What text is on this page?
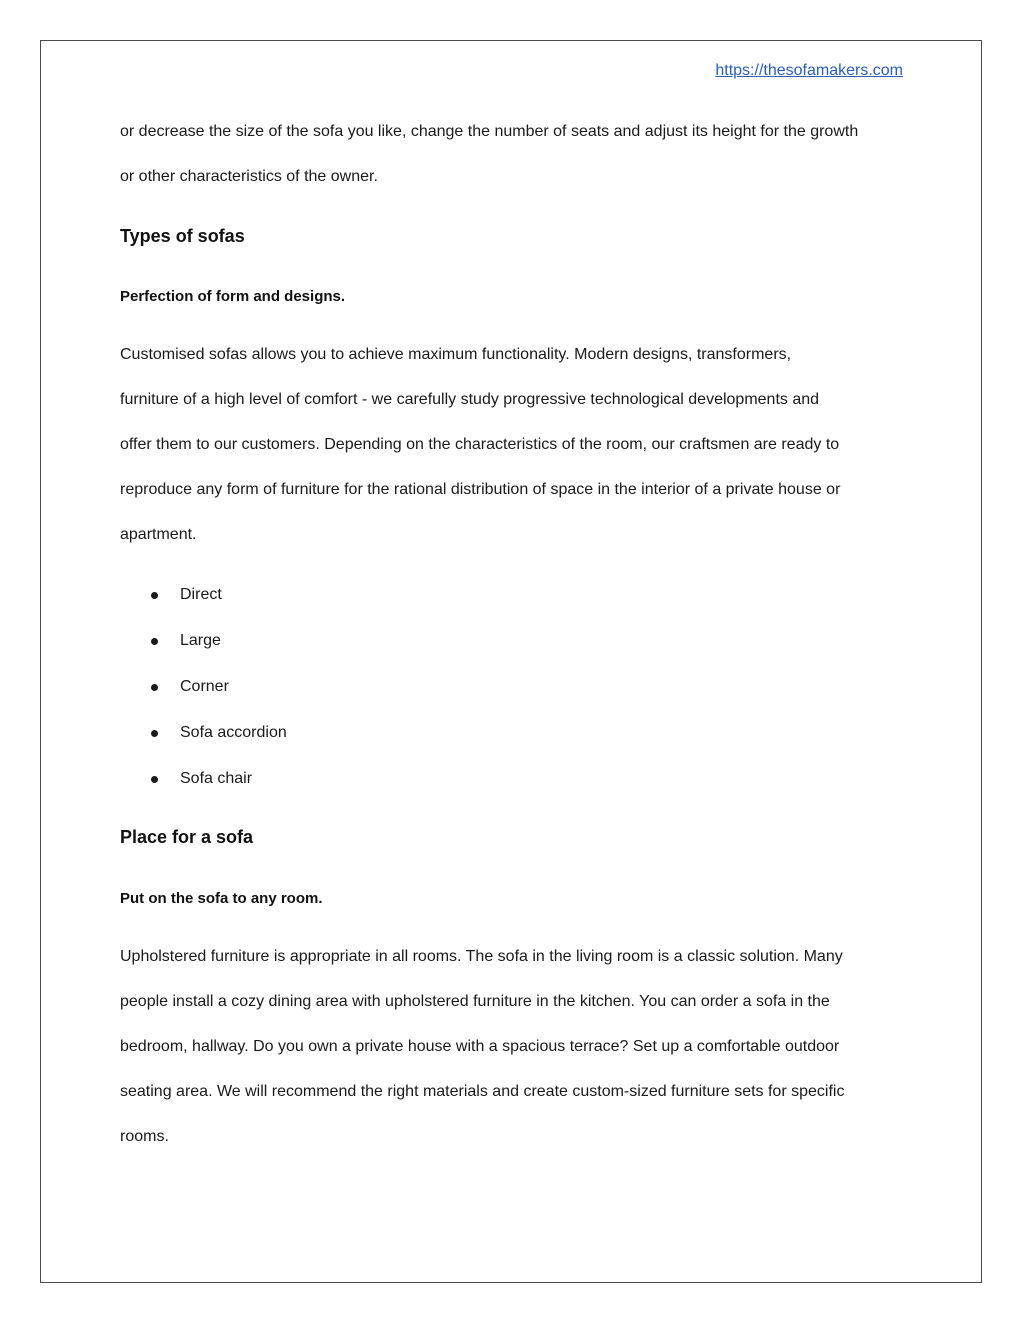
https://thesofamakers.com

or decrease the size of the sofa you like, change the number of seats and adjust its height for the growth

or other characteristics of the owner.

Types of sofas
Perfection of form and designs.

Customised sofas allows you to achieve maximum functionality. Modern designs, transformers,

furniture of a high level of comfort - we carefully study progressive technological developments and

offer them to our customers. Depending on the characteristics of the room, our craftsmen are ready to

reproduce any form of furniture for the rational distribution of space in the interior of a private house or

apartment.

Direct
Large
Corner
Sofa accordion
Sofa chair
Place for a sofa
Put on the sofa to any room.

Upholstered furniture is appropriate in all rooms. The sofa in the living room is a classic solution. Many

people install a cozy dining area with upholstered furniture in the kitchen. You can order a sofa in the

bedroom, hallway. Do you own a private house with a spacious terrace? Set up a comfortable outdoor

seating area. We will recommend the right materials and create custom-sized furniture sets for specific

rooms.
